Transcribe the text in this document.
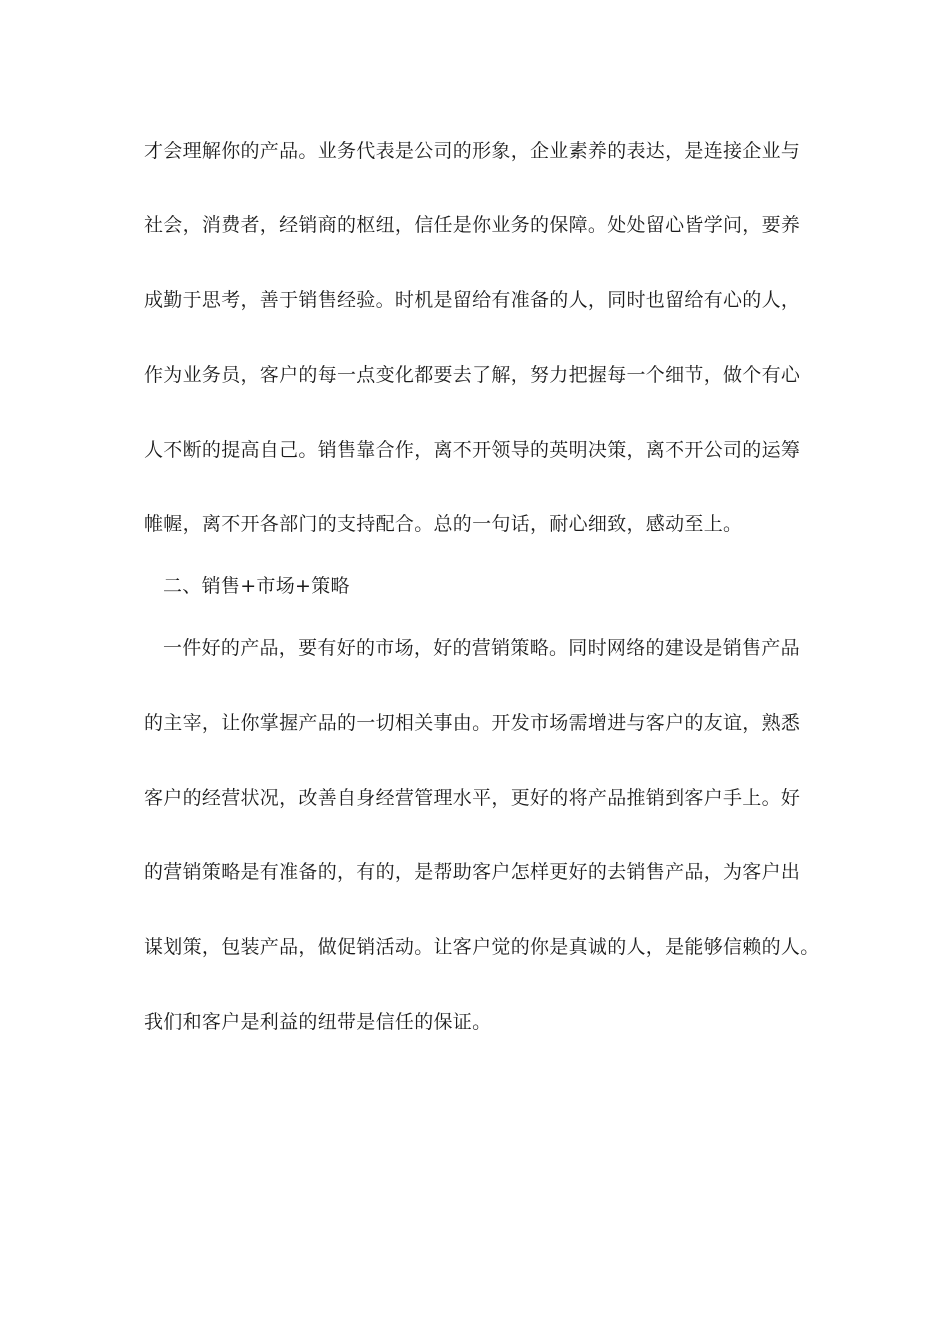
才会理解你的产品。业务代表是公司的形象，企业素养的表达，是连接企业与
社会，消费者，经销商的枢纽，信任是你业务的保障。处处留心皆学问，要养
成勤于思考，善于销售经验。时机是留给有准备的人，同时也留给有心的人，
作为业务员，客户的每一点变化都要去了解，努力把握每一个细节，做个有心
人不断的提高自己。销售靠合作，离不开领导的英明决策，离不开公司的运筹
帷幄，离不开各部门的支持配合。总的一句话，耐心细致，感动至上。
二、销售+市场+策略
一件好的产品，要有好的市场，好的营销策略。同时网络的建设是销售产品
的主宰，让你掌握产品的一切相关事由。开发市场需增进与客户的友谊，熟悉
客户的经营状况，改善自身经营管理水平，更好的将产品推销到客户手上。好
的营销策略是有准备的，有的，是帮助客户怎样更好的去销售产品，为客户出
谋划策，包装产品，做促销活动。让客户觉的你是真诚的人，是能够信赖的人。
我们和客户是利益的纽带是信任的保证。
